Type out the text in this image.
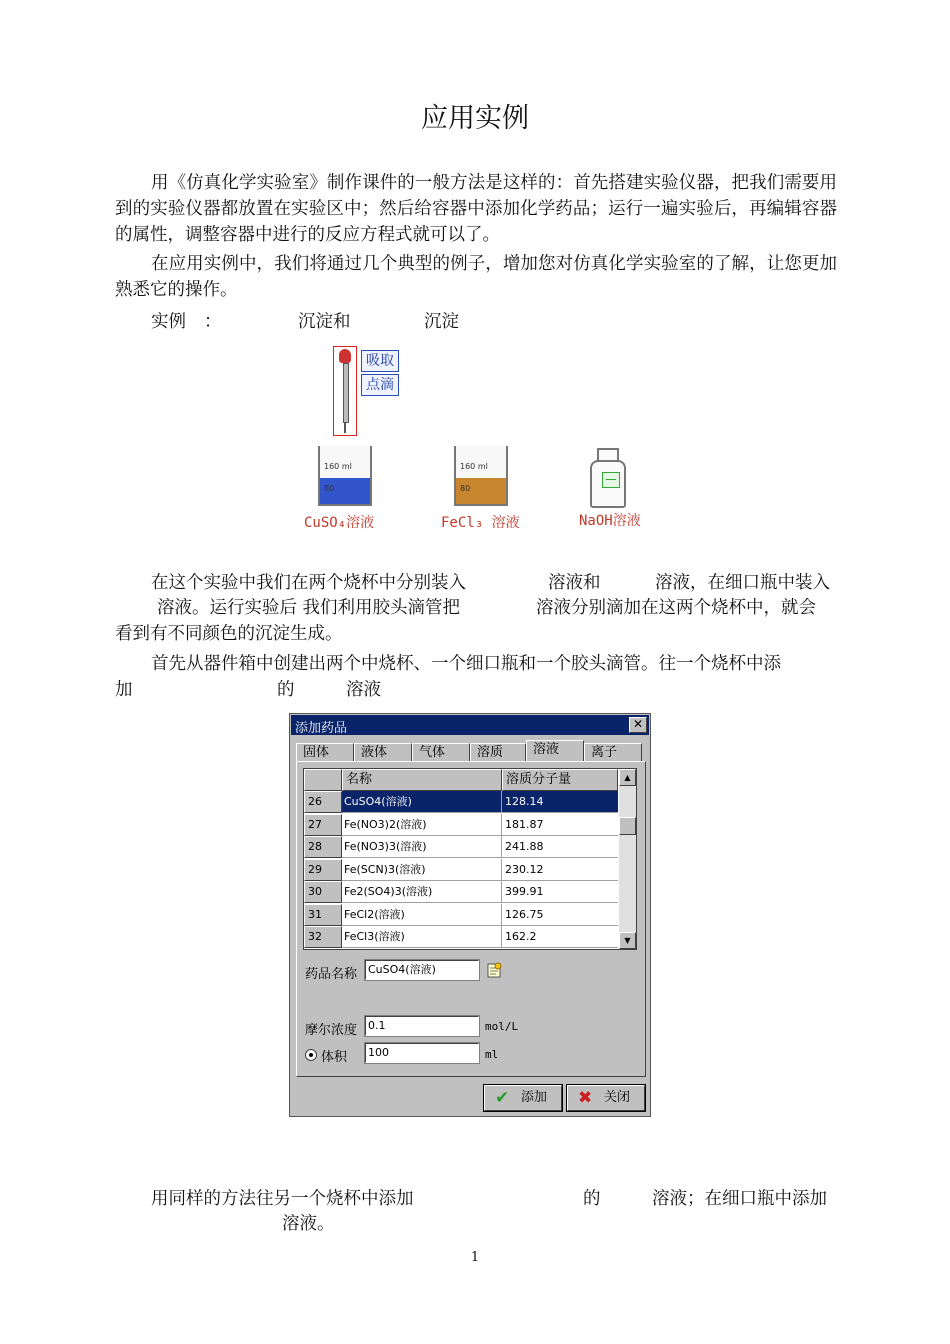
应用实例
用《仿真化学实验室》制作课件的一般方法是这样的：首先搭建实验仪器，把我们需要用到的实验仪器都放置在实验区中；然后给容器中添加化学药品；运行一遍实验后，再编辑容器的属性，调整容器中进行的反应方程式就可以了。
在应用实例中，我们将通过几个典型的例子，增加您对仿真化学实验室的了解，让您更加熟悉它的操作。
实例 ：	沉淀和	沉淀
吸取
点滴
160 ml
80
160 ml
80
CuSO₄溶液	FeCl₃ 溶液	NaOH溶液
在这个实验中我们在两个烧杯中分别装入	溶液和	溶液，在细口瓶中装入
溶液。运行实验后 我们利用胶头滴管把	溶液分别滴加在这两个烧杯中，就会
看到有不同颜色的沉淀生成。
首先从器件箱中创建出两个中烧杯、一个细口瓶和一个胶头滴管。往一个烧杯中添
加	的	溶液
添加药品	✕
固体	液体	气体	溶质	溶液	离子
名称	溶质分子量
26	CuSO4(溶液)	128.14
27	Fe(NO3)2(溶液)	181.87
28	Fe(NO3)3(溶液)	241.88
29	Fe(SCN)3(溶液)	230.12
30	Fe2(SO4)3(溶液)	399.91
31	FeCl2(溶液)	126.75
32	FeCl3(溶液)	162.2
▲
▼
药品名称 CuSO4(溶液)
摩尔浓度 0.1	mol/L
体积 100	ml
✔ 添加 ✖ 关闭
用同样的方法往另一个烧杯中添加	的	溶液；在细口瓶中添加
溶液。
1
